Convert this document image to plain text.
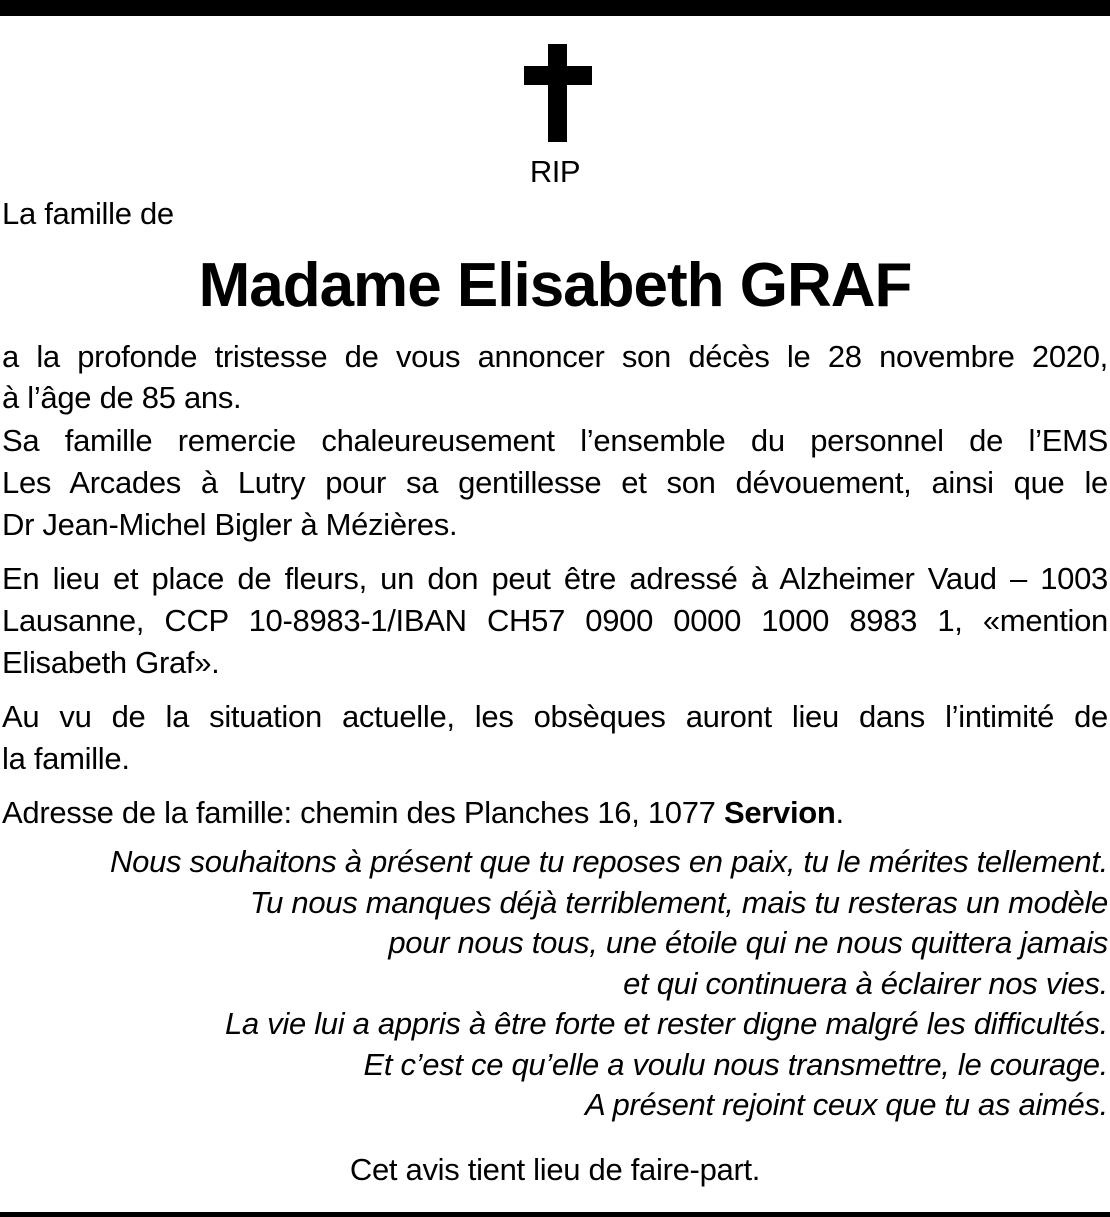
RIP
La famille de
Madame Elisabeth GRAF
a la profonde tristesse de vous annoncer son décès le 28 novembre 2020,
à l’âge de 85 ans.
Sa famille remercie chaleureusement l’ensemble du personnel de l’EMS
Les Arcades à Lutry pour sa gentillesse et son dévouement, ainsi que le
Dr Jean-Michel Bigler à Mézières.
En lieu et place de fleurs, un don peut être adressé à Alzheimer Vaud – 1003
Lausanne, CCP 10-8983-1/IBAN CH57 0900 0000 1000 8983 1, «mention
Elisabeth Graf».
Au vu de la situation actuelle, les obsèques auront lieu dans l’intimité de
la famille.
Adresse de la famille: chemin des Planches 16, 1077 Servion.
Nous souhaitons à présent que tu reposes en paix, tu le mérites tellement.
Tu nous manques déjà terriblement, mais tu resteras un modèle
pour nous tous, une étoile qui ne nous quittera jamais
et qui continuera à éclairer nos vies.
La vie lui a appris à être forte et rester digne malgré les difficultés.
Et c’est ce qu’elle a voulu nous transmettre, le courage.
A présent rejoint ceux que tu as aimés.
Cet avis tient lieu de faire-part.
